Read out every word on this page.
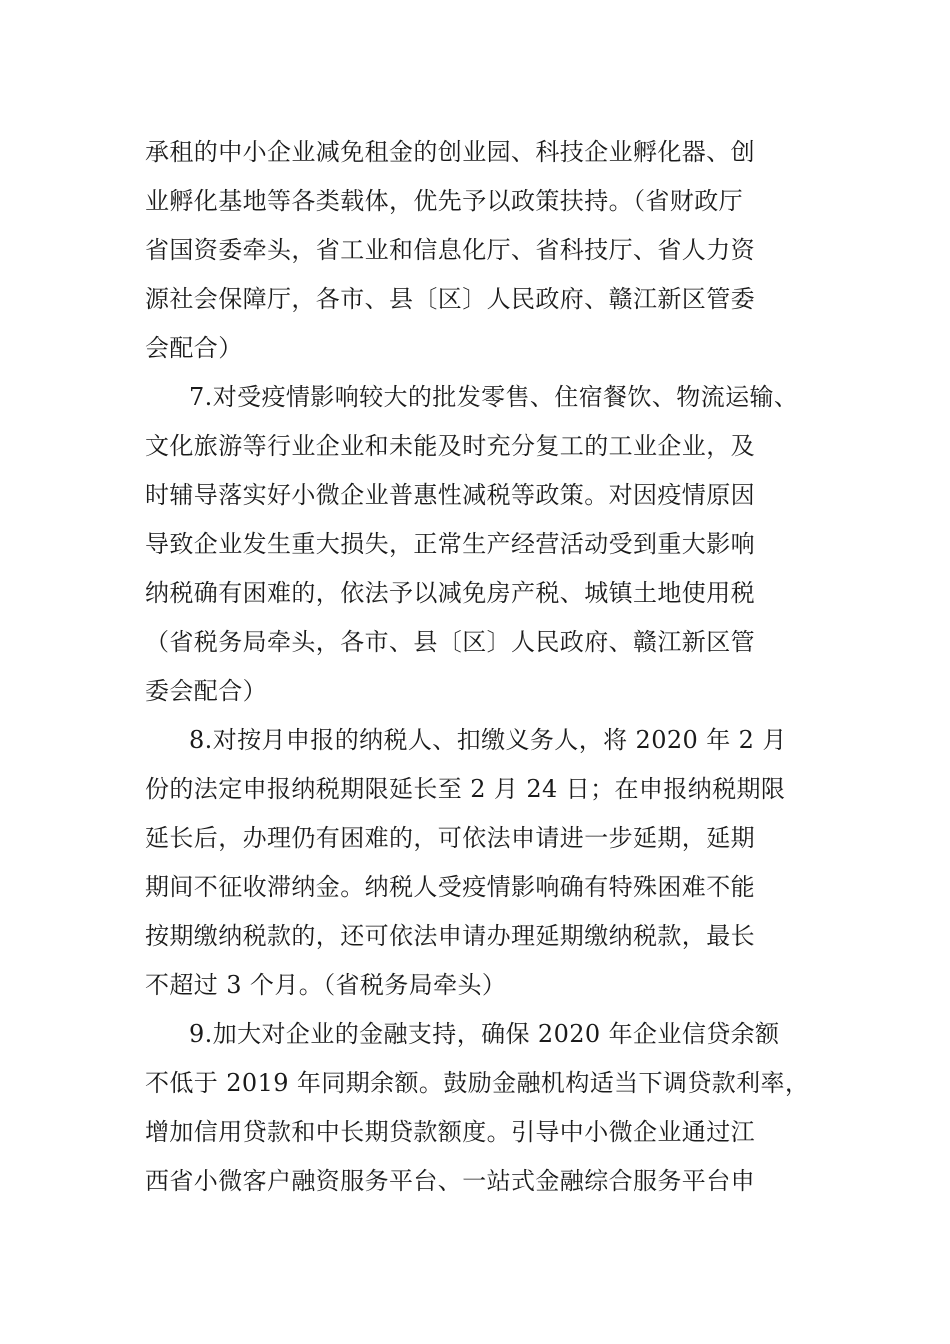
承租的中小企业减免租金的创业园、科技企业孵化器、创
业孵化基地等各类载体，优先予以政策扶持。（省财政厅
省国资委牵头，省工业和信息化厅、省科技厅、省人力资
源社会保障厅，各市、县〔区〕人民政府、赣江新区管委
会配合）
7.对受疫情影响较大的批发零售、住宿餐饮、物流运输、
文化旅游等行业企业和未能及时充分复工的工业企业，及
时辅导落实好小微企业普惠性减税等政策。对因疫情原因
导致企业发生重大损失，正常生产经营活动受到重大影响
纳税确有困难的，依法予以减免房产税、城镇土地使用税
（省税务局牵头，各市、县〔区〕人民政府、赣江新区管
委会配合）
8.对按月申报的纳税人、扣缴义务人，将 2020 年 2 月
份的法定申报纳税期限延长至 2 月 24 日；在申报纳税期限
延长后，办理仍有困难的，可依法申请进一步延期，延期
期间不征收滞纳金。纳税人受疫情影响确有特殊困难不能
按期缴纳税款的，还可依法申请办理延期缴纳税款，最长
不超过 3 个月。（省税务局牵头）
9.加大对企业的金融支持，确保 2020 年企业信贷余额
不低于 2019 年同期余额。鼓励金融机构适当下调贷款利率，
增加信用贷款和中长期贷款额度。引导中小微企业通过江
西省小微客户融资服务平台、一站式金融综合服务平台申
